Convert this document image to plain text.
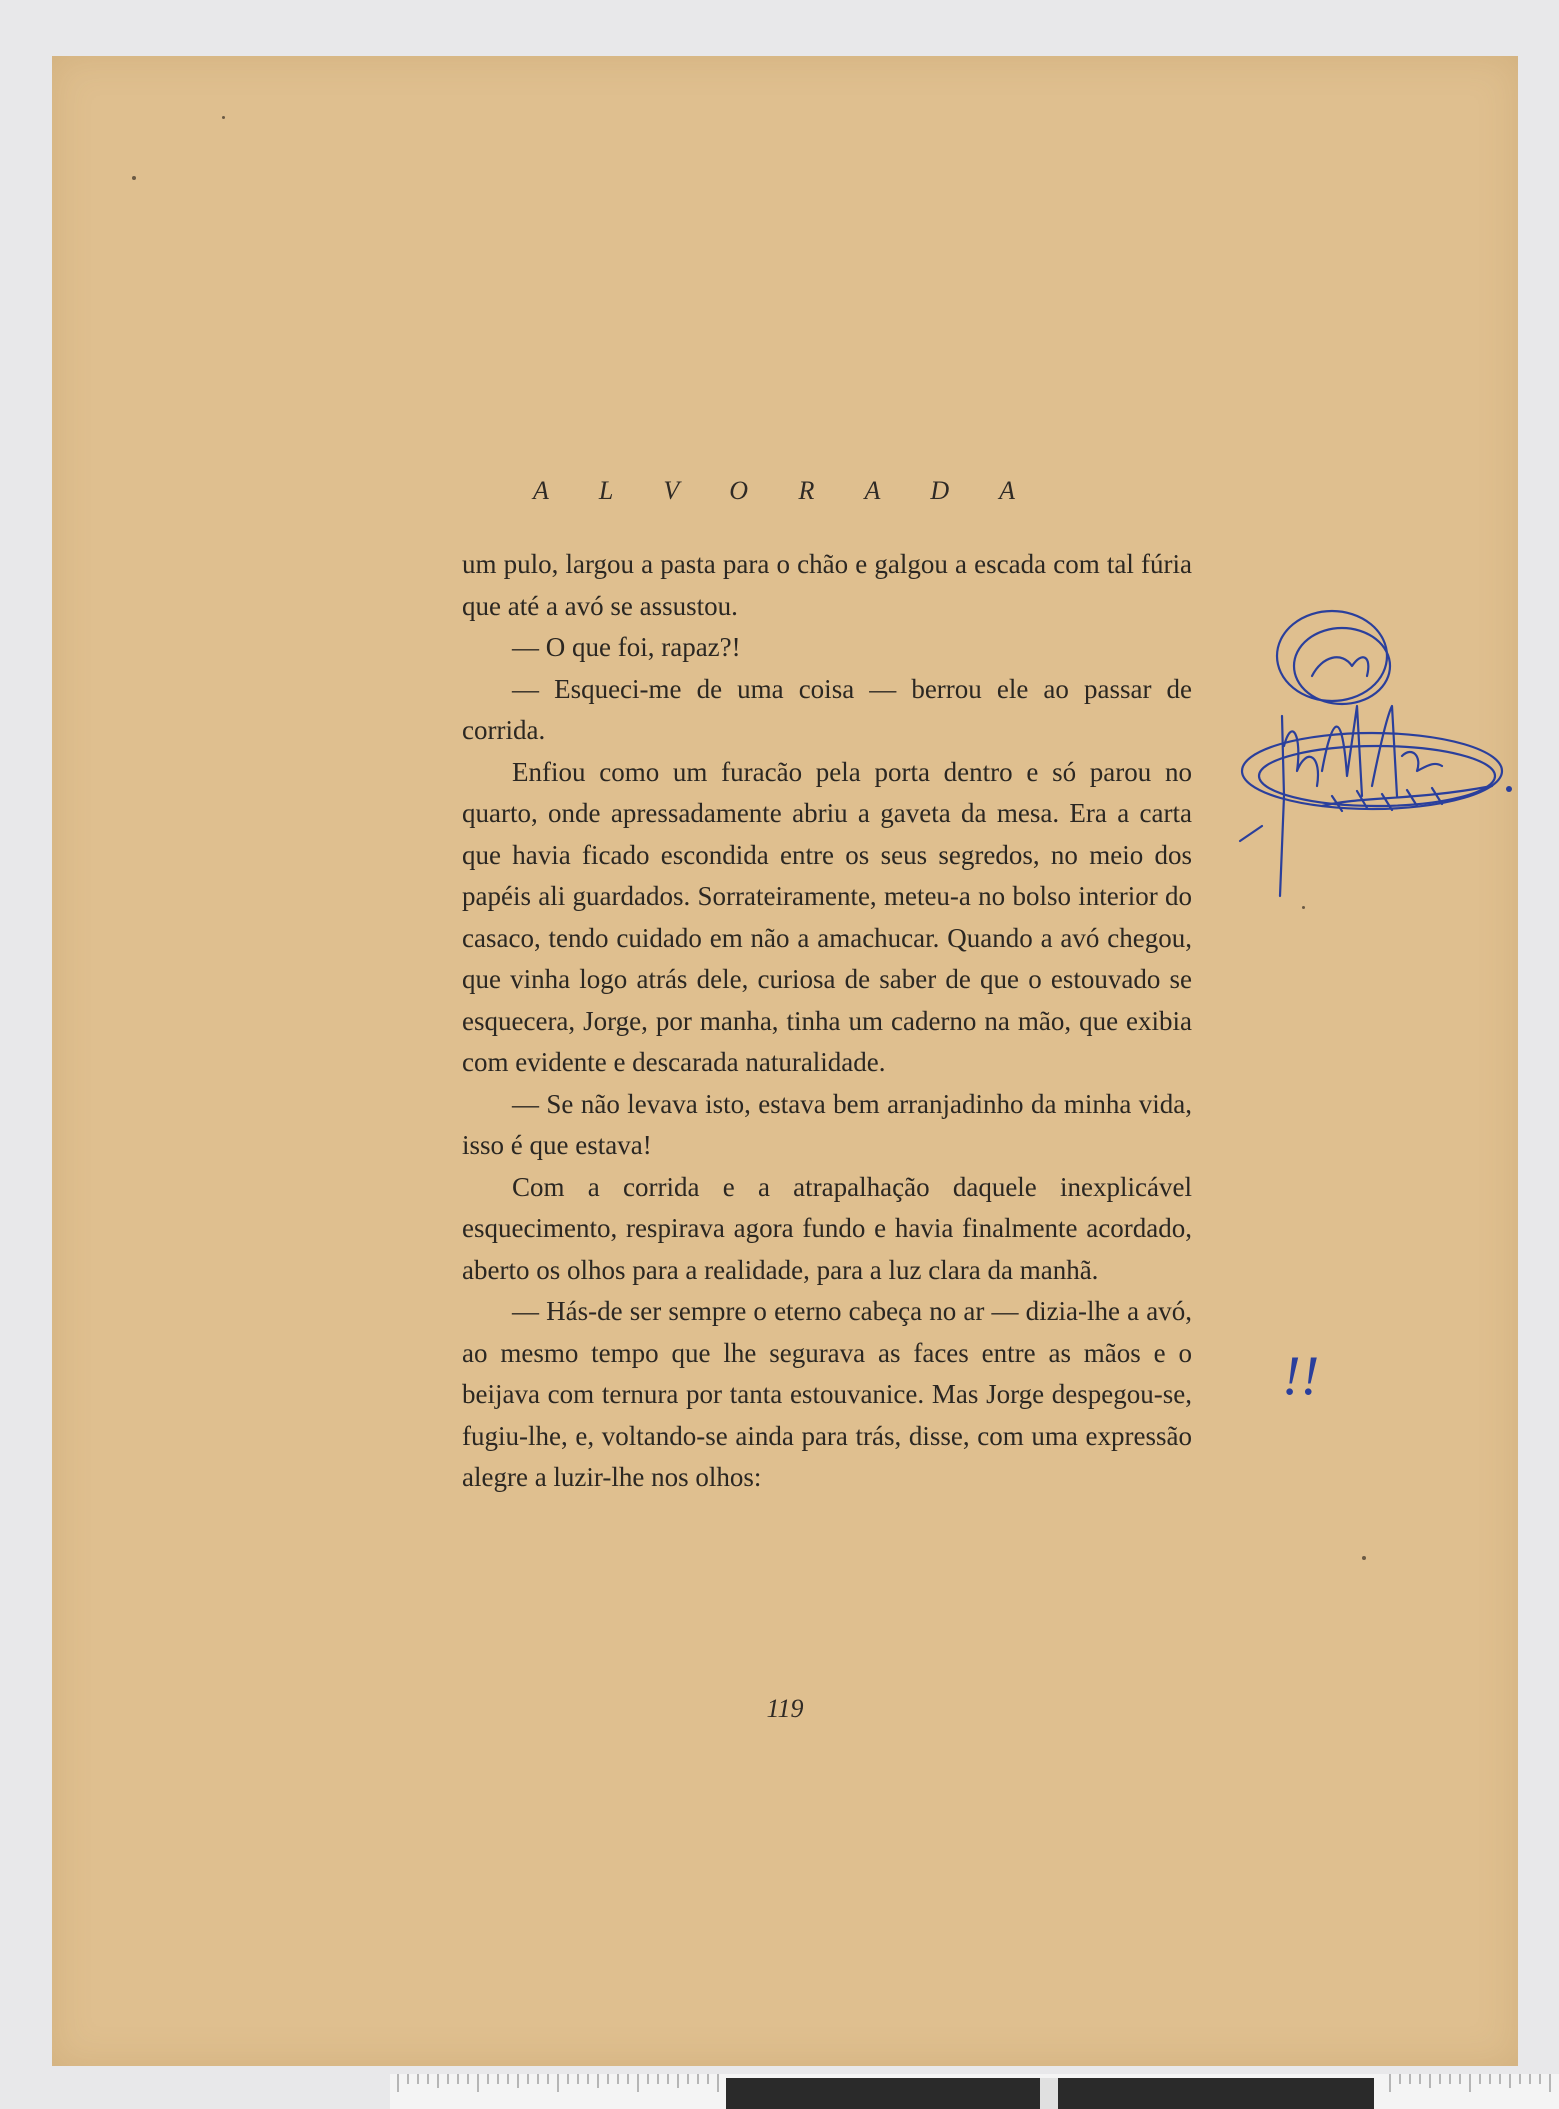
A L V O R A D A

um pulo, largou a pasta para o chão e galgou a escada com tal fúria que até a avó se assustou.

— O que foi, rapaz?!

— Esqueci-me de uma coisa — berrou ele ao passar de corrida.

Enfiou como um furacão pela porta dentro e só parou no quarto, onde apressadamente abriu a gaveta da mesa. Era a carta que havia ficado escondida entre os seus segredos, no meio dos papéis ali guardados. Sorrateiramente, meteu-a no bolso interior do casaco, tendo cuidado em não a amachucar. Quando a avó chegou, que vinha logo atrás dele, curiosa de saber de que o estouvado se esquecera, Jorge, por manha, tinha um caderno na mão, que exibia com evidente e descarada naturalidade.

— Se não levava isto, estava bem arranjadinho da minha vida, isso é que estava!

Com a corrida e a atrapalhação daquele inexplicável esquecimento, respirava agora fundo e havia finalmente acordado, aberto os olhos para a realidade, para a luz clara da manhã.

— Hás-de ser sempre o eterno cabeça no ar — dizia-lhe a avó, ao mesmo tempo que lhe segurava as faces entre as mãos e o beijava com ternura por tanta estouvanice. Mas Jorge despegou-se, fugiu-lhe, e, voltando-se ainda para trás, disse, com uma expressão alegre a luzir-lhe nos olhos:

119
!!
